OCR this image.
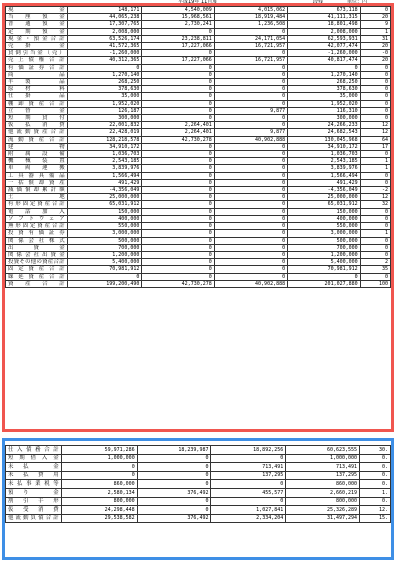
平成19年 11月度	段残	単位：円
現　　　　　金	148,171	4,540,009	4,015,062	673,118	0
当　座　預　金	44,065,238	15,968,561	18,919,484	41,111,315	20
普　通　預　金	17,307,765	2,730,241	1,236,508	18,801,498	9
定　期　預　金	2,008,000	0	0	2,008,000	1
現金・預金合計	63,526,174	23,238,811	24,171,054	62,593,931	31
売　掛　　　金	41,572,365	17,227,066	16,721,957	42,077,474	20
貸倒引当金（売）	-1,260,000	0	0	-1,260,000	-0
売上債権合計	40,312,365	17,227,066	16,721,957	40,817,474	20
有価証券合計	0	0	0	0	0
商　　　　　品	1,270,140	0	0	1,270,140	0
半　製　　　品	268,250	0	0	268,250	0
原　材　　　料	378,630	0	0	378,630	0
仕　掛　　　品	35,000	0	0	35,000	0
棚卸資産合計	1,952,020	0	0	1,952,020	0
立　替　　　金	126,187	0	9,877	116,310	0
短　期　貸　付	300,000	0	0	300,000	0
仮　払　消　費	22,001,832	2,264,401	0	24,266,233	12
他流動資産合計	22,428,019	2,264,401	9,877	24,682,543	12
流動資産合計	128,218,578	42,730,278	40,902,888	130,045,968	64
建　　　　　物	34,910,172	0	0	34,910,172	17
附　属　設　備	1,036,703	0	0	1,036,703	0
機　械　装　置	2,543,185	0	0	2,543,185	1
車　両　運　搬	3,839,976	0	0	3,839,976	1
工具器具備品	1,566,494	0	0	1,566,494	0
一括償却資産	491,429	0	0	491,429	0
減価償却累計額	-4,356,049	0	0	-4,356,049	-2
土　　　　　地	25,000,000	0	0	25,000,000	12
有形固定資産合計	65,031,912	0	0	65,031,912	32
電　話　加　入	150,000	0	0	150,000	0
ソフトウェア	400,000	0	0	400,000	0
無形固定資産合計	550,000	0	0	550,000	0
投資有価証券	3,000,000	0	0	3,000,000	1
関係会社株式	500,000	0	0	500,000	0
出　　資　　金	700,000	0	0	700,000	0
関係会社出資金	1,200,000	0	0	1,200,000	0
投資その他の資産合計	5,400,000	0	0	5,400,000	2
固定資産合計	70,981,912	0	0	70,981,912	35
繰延資産合計	0	0	0	0	0
資　産　合　計	199,200,490	42,730,278	40,902,888	201,027,880	100
仕入債務合計	59,971,286	18,239,987	18,892,256	60,623,555	30.
短期借入金	1,000,000	0	0	1,000,000	0.
未　払　　　金	0	0	713,491	713,491	0.
未　払　費　用	0	0	137,295	137,295	0.
未払事業税等	860,000	0	0	860,000	0.
預　り　　　金	2,580,134	376,492	455,577	2,660,219	1.
割　引　手　形	800,000	0	0	800,000	0.
仮　受　消　費	24,298,448	0	1,027,841	25,326,289	12.
他流動負債合計	29,538,582	376,492	2,334,204	31,497,294	15.
